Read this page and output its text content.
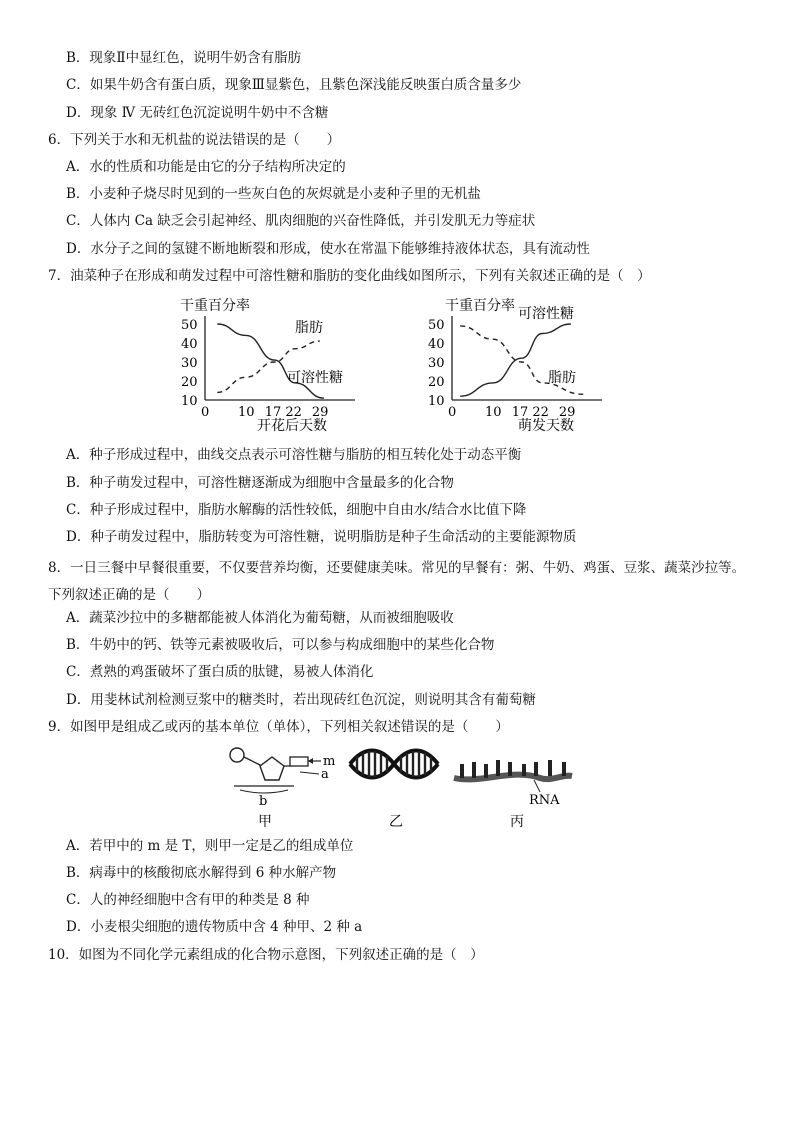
B．现象Ⅱ中显红色，说明牛奶含有脂肪
C．如果牛奶含有蛋白质，现象Ⅲ显紫色，且紫色深浅能反映蛋白质含量多少
D．现象 Ⅳ 无砖红色沉淀说明牛奶中不含糖
6．下列关于水和无机盐的说法错误的是（　　）
A．水的性质和功能是由它的分子结构所决定的
B．小麦种子烧尽时见到的一些灰白色的灰烬就是小麦种子里的无机盐
C．人体内 Ca 缺乏会引起神经、肌肉细胞的兴奋性降低，并引发肌无力等症状
D．水分子之间的氢键不断地断裂和形成，使水在常温下能够维持液体状态，具有流动性
7．油菜种子在形成和萌发过程中可溶性糖和脂肪的变化曲线如图所示，下列有关叙述正确的是（　）
干重百分率
开花后天数
50
40
30
20
10
0 10 17 22 29
脂肪
可溶性糖
干重百分率
萌发天数
50
40
30
20
10
0 10 17 22 29
可溶性糖
脂肪
A．种子形成过程中，曲线交点表示可溶性糖与脂肪的相互转化处于动态平衡
B．种子萌发过程中，可溶性糖逐渐成为细胞中含量最多的化合物
C．种子形成过程中，脂肪水解酶的活性较低，细胞中自由水/结合水比值下降
D．种子萌发过程中，脂肪转变为可溶性糖，说明脂肪是种子生命活动的主要能源物质
8．一日三餐中早餐很重要，不仅要营养均衡，还要健康美味。常见的早餐有：粥、牛奶、鸡蛋、豆浆、蔬菜沙拉等。下列叙述正确的是（　　）
A．蔬菜沙拉中的多糖都能被人体消化为葡萄糖，从而被细胞吸收
B．牛奶中的钙、铁等元素被吸收后，可以参与构成细胞中的某些化合物
C．煮熟的鸡蛋破坏了蛋白质的肽键，易被人体消化
D．用斐林试剂检测豆浆中的糖类时，若出现砖红色沉淀，则说明其含有葡萄糖
9．如图甲是组成乙或丙的基本单位（单体），下列相关叙述错误的是（　　）
m
a
b
甲	乙
RNA
丙
A．若甲中的 m 是 T，则甲一定是乙的组成单位
B．病毒中的核酸彻底水解得到 6 种水解产物
C．人的神经细胞中含有甲的种类是 8 种
D．小麦根尖细胞的遗传物质中含 4 种甲、2 种 a
10．如图为不同化学元素组成的化合物示意图，下列叙述正确的是（　）
